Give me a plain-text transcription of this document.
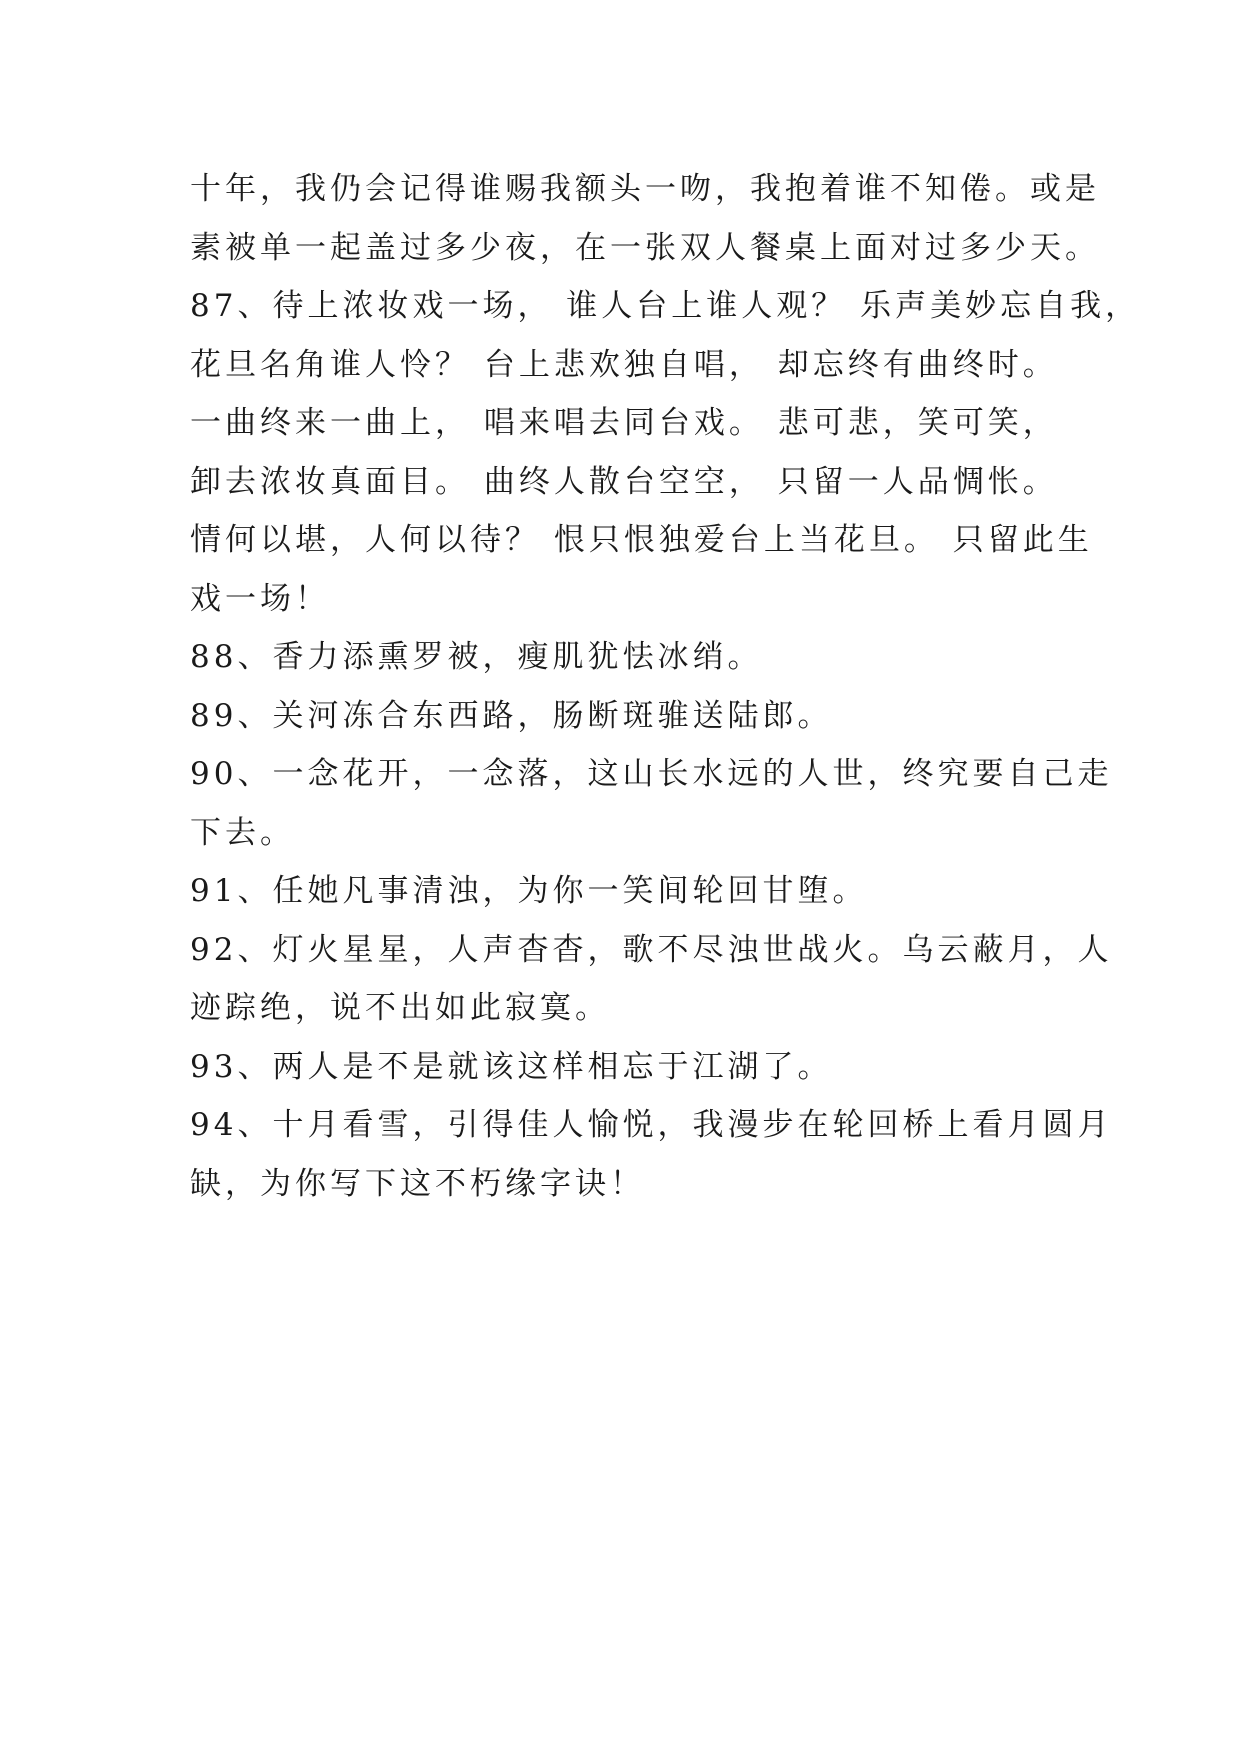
十年，我仍会记得谁赐我额头一吻，我抱着谁不知倦。或是
素被单一起盖过多少夜，在一张双人餐桌上面对过多少天。
87、待上浓妆戏一场， 谁人台上谁人观？ 乐声美妙忘自我，
花旦名角谁人怜？ 台上悲欢独自唱， 却忘终有曲终时。
一曲终来一曲上， 唱来唱去同台戏。 悲可悲，笑可笑，
卸去浓妆真面目。 曲终人散台空空， 只留一人品惆怅。
情何以堪，人何以待？ 恨只恨独爱台上当花旦。 只留此生
戏一场！
88、香力添熏罗被，瘦肌犹怯冰绡。
89、关河冻合东西路，肠断斑骓送陆郎。
90、一念花开，一念落，这山长水远的人世，终究要自己走
下去。
91、任她凡事清浊，为你一笑间轮回甘堕。
92、灯火星星，人声杳杳，歌不尽浊世战火。乌云蔽月，人
迹踪绝，说不出如此寂寞。
93、两人是不是就该这样相忘于江湖了。
94、十月看雪，引得佳人愉悦，我漫步在轮回桥上看月圆月
缺，为你写下这不朽缘字诀！
